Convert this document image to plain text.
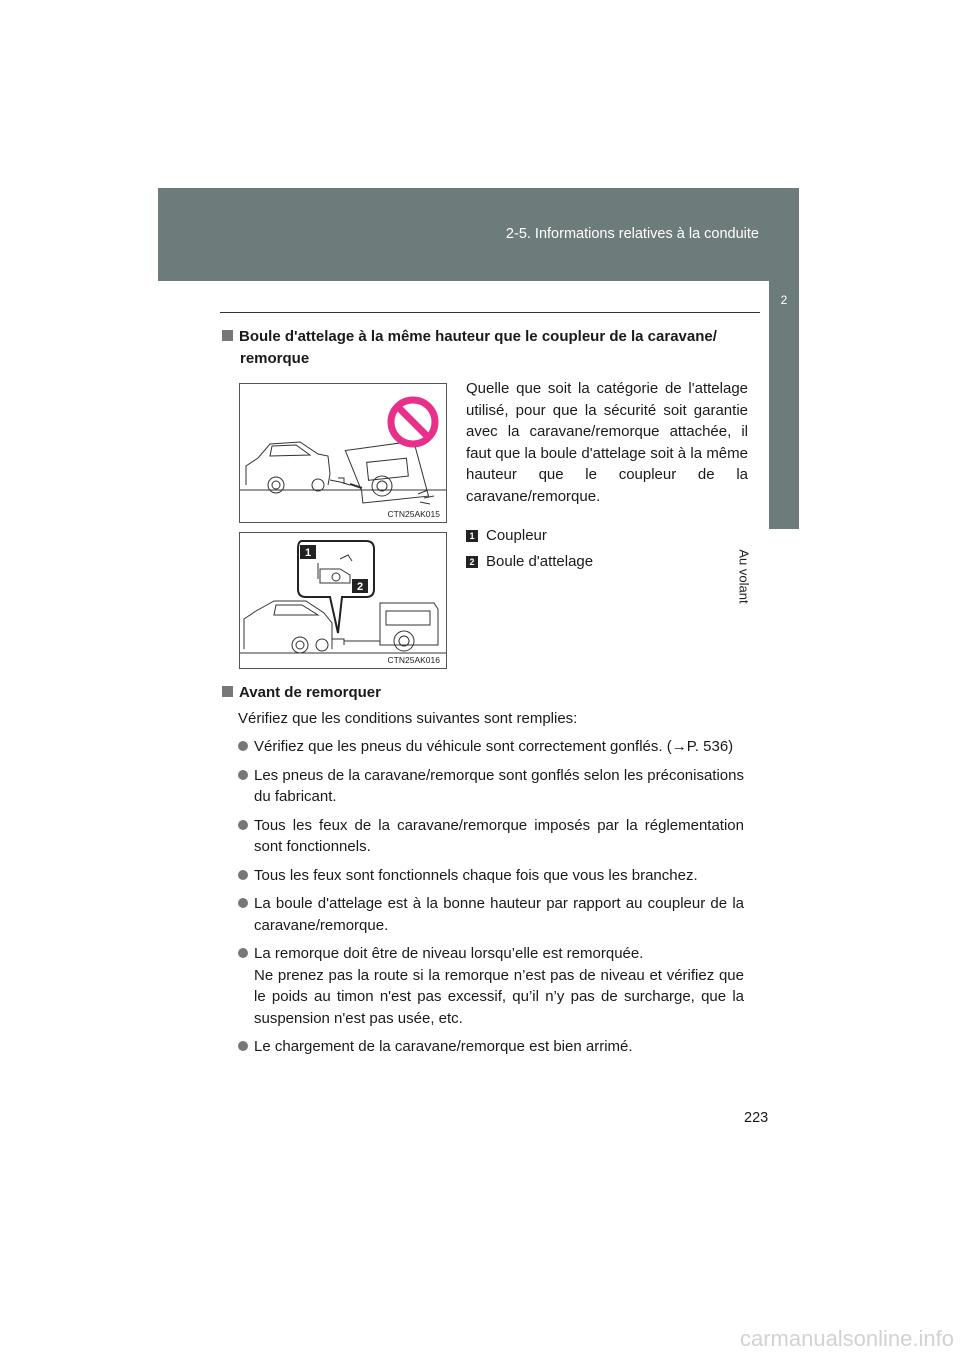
2-5. Informations relatives à la conduite
2
Au volant
Boule d'attelage à la même hauteur que le coupleur de la caravane/
remorque
CTN25AK015
1
2
CTN25AK016
Quelle que soit la catégorie de l'attelage utilisé, pour que la sécurité soit garantie avec la caravane/remorque attachée, il faut que la boule d'attelage soit à la même hauteur que le coupleur de la caravane/remorque.
1 Coupleur
2 Boule d'attelage
Avant de remorquer
Vérifiez que les conditions suivantes sont remplies:
Vérifiez que les pneus du véhicule sont correctement gonflés. (→P. 536)
Les pneus de la caravane/remorque sont gonflés selon les préconisations du fabricant.
Tous les feux de la caravane/remorque imposés par la réglementation sont fonctionnels.
Tous les feux sont fonctionnels chaque fois que vous les branchez.
La boule d'attelage est à la bonne hauteur par rapport au coupleur de la caravane/remorque.
La remorque doit être de niveau lorsqu’elle est remorquée.
Ne prenez pas la route si la remorque n’est pas de niveau et vérifiez que le poids au timon n'est pas excessif, qu’il n’y pas de surcharge, que la suspension n'est pas usée, etc.
Le chargement de la caravane/remorque est bien arrimé.
223
carmanualsonline.info
